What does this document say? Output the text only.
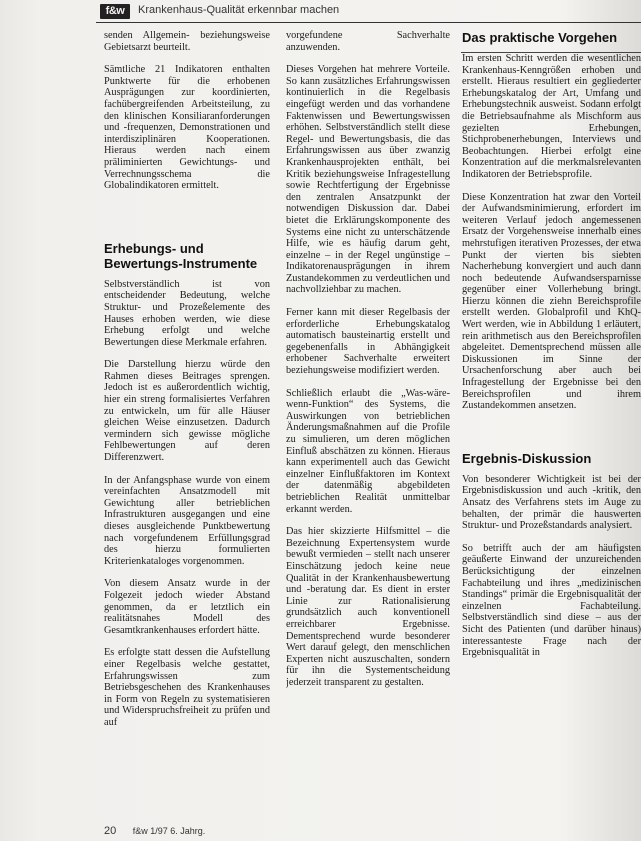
f&w	Krankenhaus-Qualität erkennbar machen

senden Allgemein- beziehungsweise Gebietsarzt beurteilt.

Sämtliche 21 Indikatoren enthalten Punktwerte für die erhobenen Ausprägungen zur koordinierten, fachübergreifenden Arbeitsteilung, zu den klinischen Konsiliaranforderungen und -frequenzen, Demonstrationen und interdisziplinären Kooperationen. Hieraus werden nach einem präliminierten Gewichtungs- und Verrechnungsschema die Globalindikatoren ermittelt.

Erhebungs- und Bewertungs-Instrumente

Selbstverständlich ist von entscheidender Bedeutung, welche Struktur- und Prozeßelemente des Hauses erhoben werden, wie diese Erhebung erfolgt und welche Bewertungen diese Merkmale erfahren.

Die Darstellung hierzu würde den Rahmen dieses Beitrages sprengen. Jedoch ist es außerordentlich wichtig, hier ein streng formalisiertes Verfahren zu entwickeln, um für alle Häuser gleichen Weise einzusetzen. Dadurch vermindern sich gewisse mögliche Fehlbewertungen auf deren Differenzwert.

In der Anfangsphase wurde von einem vereinfachten Ansatzmodell mit Gewichtung aller betrieblichen Infrastrukturen ausgegangen und eine dieses ausgleichende Punktbewertung nach vorgefundenem Erfüllungsgrad des hierzu formulierten Kriterienkataloges vorgenommen.

Von diesem Ansatz wurde in der Folgezeit jedoch wieder Abstand genommen, da er letztlich ein realitätsnahes Modell des Gesamtkrankenhauses erfordert hätte.

Es erfolgte statt dessen die Aufstellung einer Regelbasis welche gestattet, Erfahrungswissen zum Betriebsgeschehen des Krankenhauses in Form von Regeln zu systematisieren und Widerspruchsfreiheit zu prüfen und auf

vorgefundene Sachverhalte anzuwenden.

Dieses Vorgehen hat mehrere Vorteile. So kann zusätzliches Erfahrungswissen kontinuierlich in die Regelbasis eingefügt werden und das vorhandene Faktenwissen und Bewertungswissen erhöhen. Selbstverständlich stellt diese Regel- und Bewertungsbasis, die das Erfahrungswissen aus über zwanzig Krankenhausprojekten enthält, bei Kritik beziehungsweise Infragestellung sowie Rechtfertigung der Ergebnisse den zentralen Ansatzpunkt der notwendigen Diskussion dar. Dabei bietet die Erklärungskomponente des Systems eine nicht zu unterschätzende Hilfe, wie es häufig darum geht, einzelne – in der Regel ungünstige – Indikatorenausprägungen in ihrem Zustandekommen zu verdeutlichen und nachvollziehbar zu machen.

Ferner kann mit dieser Regelbasis der erforderliche Erhebungskatalog automatisch bausteinartig erstellt und gegebenenfalls in Abhängigkeit erhobener Sachverhalte erweitert beziehungsweise modifiziert werden.

Schließlich erlaubt die „Was-wäre-wenn-Funktion“ des Systems, die Auswirkungen von betrieblichen Änderungsmaßnahmen auf die Profile zu simulieren, um deren möglichen Einfluß abschätzen zu können. Hieraus kann experimentell auch das Gewicht einzelner Einflußfaktoren im Kontext der datenmäßig abgebildeten betrieblichen Realität unmittelbar erkannt werden.

Das hier skizzierte Hilfsmittel – die Bezeichnung Expertensystem wurde bewußt vermieden – stellt nach unserer Einschätzung jedoch keine neue Qualität in der Krankenhausbewertung und -beratung dar. Es dient in erster Linie zur Rationalisierung grundsätzlich auch konventionell erreichbarer Ergebnisse. Dementsprechend wurde besonderer Wert darauf gelegt, den menschlichen Experten nicht auszuschalten, sondern für ihn die Systementscheidung jederzeit transparent zu gestalten.

Das praktische Vorgehen

Im ersten Schritt werden die wesentlichen Krankenhaus-Kenngrößen erhoben und erstellt. Hieraus resultiert ein gegliederter Erhebungskatalog der Art, Umfang und Erhebungstechnik ausweist. Sodann erfolgt die Betriebsaufnahme als Mischform aus gezielten Erhebungen, Stichprobenerhebungen, Interviews und Beobachtungen. Hierbei erfolgt eine Konzentration auf die merkmalsrelevanten Indikatoren der Betriebsprofile.

Diese Konzentration hat zwar den Vorteil der Aufwandsminimierung, erfordert im weiteren Verlauf jedoch angemessenen Ersatz der Vorgehensweise innerhalb eines mehrstufigen iterativen Prozesses, der etwa Punkt der vierten bis siebten Nacherhebung konvergiert und auch dann noch bedeutende Aufwandsersparnisse gegenüber einer Vollerhebung bringt. Hierzu können die ziehn Bereichsprofile erstellt werden. Globalprofil und KhQ-Wert werden, wie in Abbildung 1 erläutert, rein arithmetisch aus den Bereichsprofilen abgeleitet. Dementsprechend müssen alle Diskussionen im Sinne der Ursachenforschung aber auch bei Infragestellung der Ergebnisse bei den Bereichsprofilen und ihrem Zustandekommen ansetzen.

Ergebnis-Diskussion

Von besonderer Wichtigkeit ist bei der Ergebnisdiskussion und auch -kritik, den Ansatz des Verfahrens stets im Auge zu behalten, der primär die hauswerten Struktur- und Prozeßstandards analysiert.

So betrifft auch der am häufigsten geäußerte Einwand der unzureichenden Berücksichtigung der einzelnen Fachabteilung und ihres „medizinischen Standings“ primär die Ergebnisqualität der einzelnen Fachabteilung. Selbstverständlich sind diese – aus der Sicht des Patienten (und darüber hinaus) interessanteste Frage nach der Ergebnisqualität in

20 f&w 1/97 6. Jahrg.
